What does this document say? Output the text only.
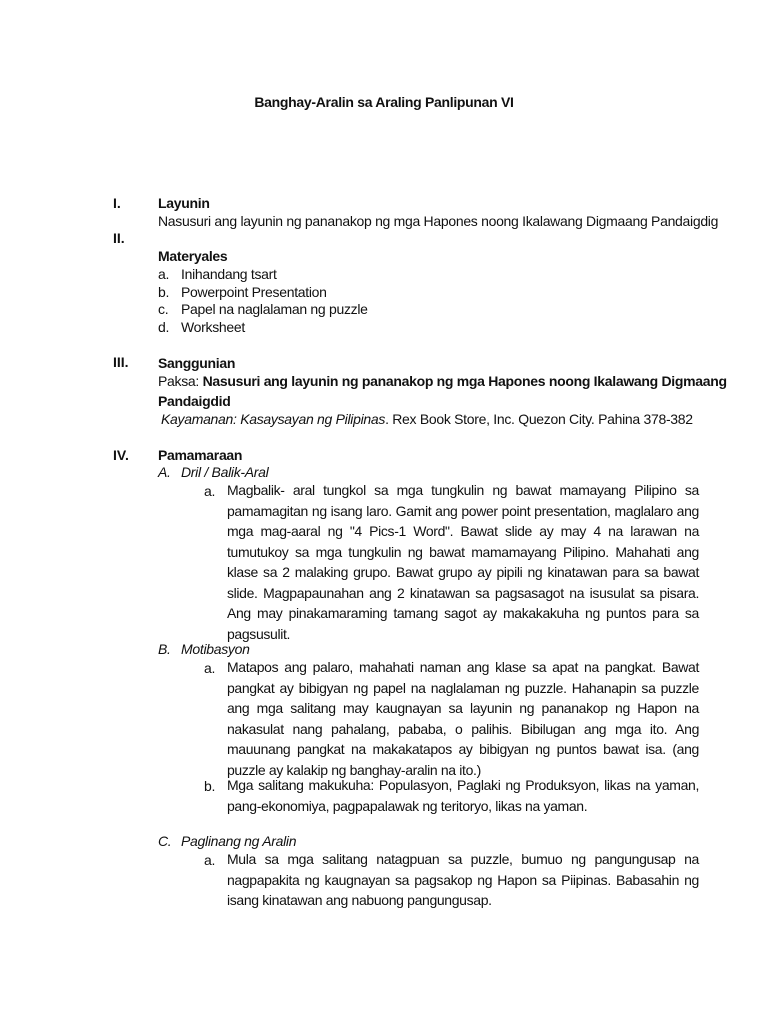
Banghay-Aralin sa Araling Panlipunan VI
I.	Layunin
Nasusuri ang layunin ng pananakop ng mga Hapones noong Ikalawang Digmaang Pandaigdig
II.
Materyales
a. Inihandang tsart
b. Powerpoint Presentation
c. Papel na naglalaman ng puzzle
d. Worksheet
III. Sanggunian
Paksa: Nasusuri ang layunin ng pananakop ng mga Hapones noong Ikalawang Digmaang
Pandaigdid
Kayamanan: Kasaysayan ng Pilipinas. Rex Book Store, Inc. Quezon City. Pahina 378-382
IV. Pamamaraan
A. Dril / Balik-Aral
a. Magbalik- aral tungkol sa mga tungkulin ng bawat mamayang Pilipino sa pamamagitan ng isang laro. Gamit ang power point presentation, maglalaro ang mga mag-aaral ng "4 Pics-1 Word". Bawat slide ay may 4 na larawan na tumutukoy sa mga tungkulin ng bawat mamamayang Pilipino. Mahahati ang klase sa 2 malaking grupo. Bawat grupo ay pipili ng kinatawan para sa bawat slide. Magpapaunahan ang 2 kinatawan sa pagsasagot na isusulat sa pisara. Ang may pinakamaraming tamang sagot ay makakakuha ng puntos para sa pagsusulit.
B. Motibasyon
a. Matapos ang palaro, mahahati naman ang klase sa apat na pangkat. Bawat pangkat ay bibigyan ng papel na naglalaman ng puzzle. Hahanapin sa puzzle ang mga salitang may kaugnayan sa layunin ng pananakop ng Hapon na nakasulat nang pahalang, pababa, o palihis. Bibilugan ang mga ito. Ang mauunang pangkat na makakatapos ay bibigyan ng puntos bawat isa. (ang puzzle ay kalakip ng banghay-aralin na ito.)
b. Mga salitang makukuha: Populasyon, Paglaki ng Produksyon, likas na yaman, pang-ekonomiya, pagpapalawak ng teritoryo, likas na yaman.
C. Paglinang ng Aralin
a. Mula sa mga salitang natagpuan sa puzzle, bumuo ng pangungusap na nagpapakita ng kaugnayan sa pagsakop ng Hapon sa Piipinas. Babasahin ng isang kinatawan ang nabuong pangungusap.
